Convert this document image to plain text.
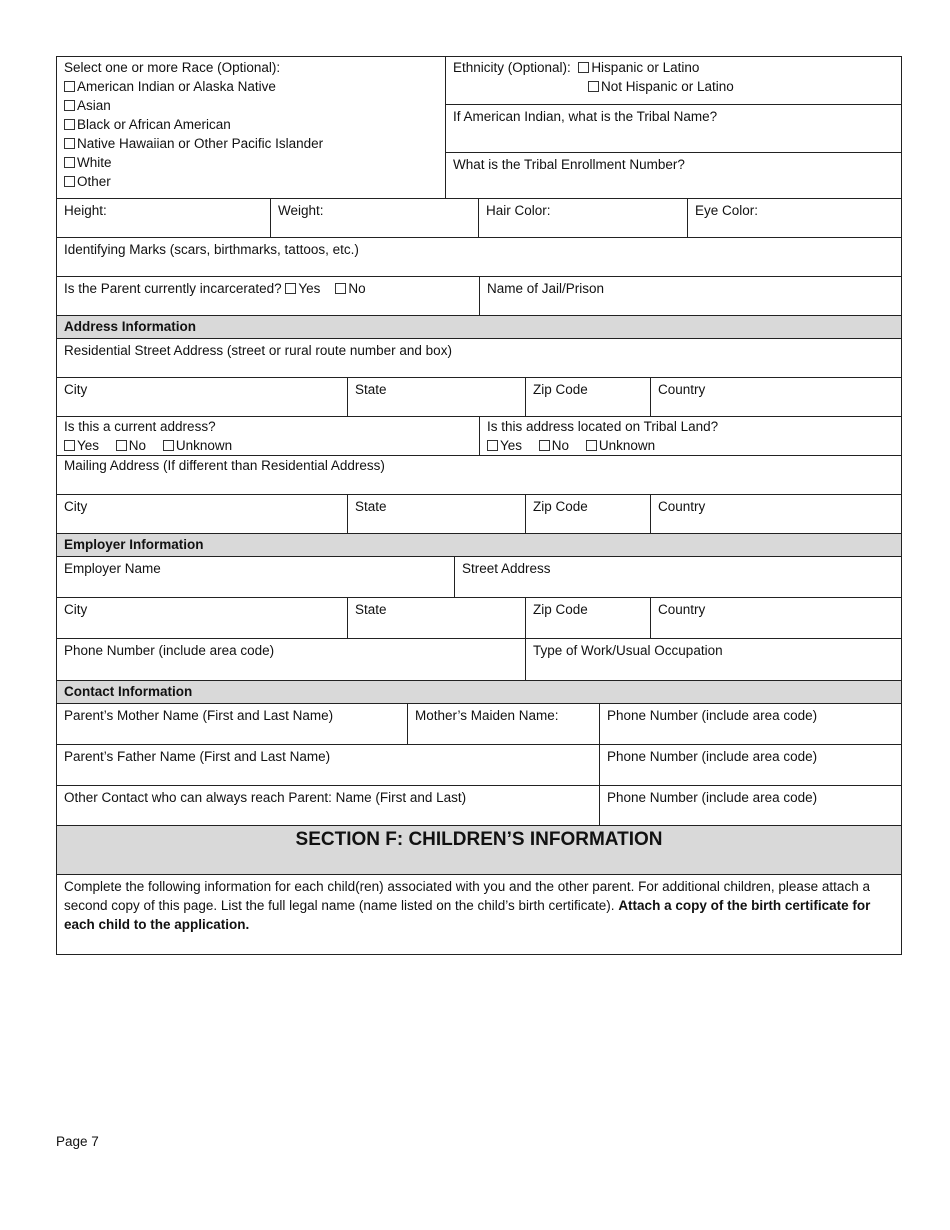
Select one or more Race (Optional):
American Indian or Alaska Native
Asian
Black or African American
Native Hawaiian or Other Pacific Islander
White
Other
Ethnicity (Optional): Hispanic or Latino
Not Hispanic or Latino
If American Indian, what is the Tribal Name?
What is the Tribal Enrollment Number?
Height:	Weight:	Hair Color:	Eye Color:
Identifying Marks (scars, birthmarks, tattoos, etc.)
Is the Parent currently incarcerated? Yes No	Name of Jail/Prison
Address Information
Residential Street Address (street or rural route number and box)
City	State	Zip Code	Country
Is this a current address?
Yes No Unknown
Is this address located on Tribal Land?
Yes No Unknown
Mailing Address (If different than Residential Address)
City	State	Zip Code	Country
Employer Information
Employer Name	Street Address
City	State	Zip Code	Country
Phone Number (include area code)	Type of Work/Usual Occupation
Contact Information
Parent’s Mother Name (First and Last Name)	Mother’s Maiden Name:	Phone Number (include area code)
Parent’s Father Name (First and Last Name)	Phone Number (include area code)
Other Contact who can always reach Parent: Name (First and Last)	Phone Number (include area code)
SECTION F: CHILDREN’S INFORMATION
Complete the following information for each child(ren) associated with you and the other parent. For additional children, please attach a second copy of this page. List the full legal name (name listed on the child’s birth certificate). Attach a copy of the birth certificate for each child to the application.
Page 7
